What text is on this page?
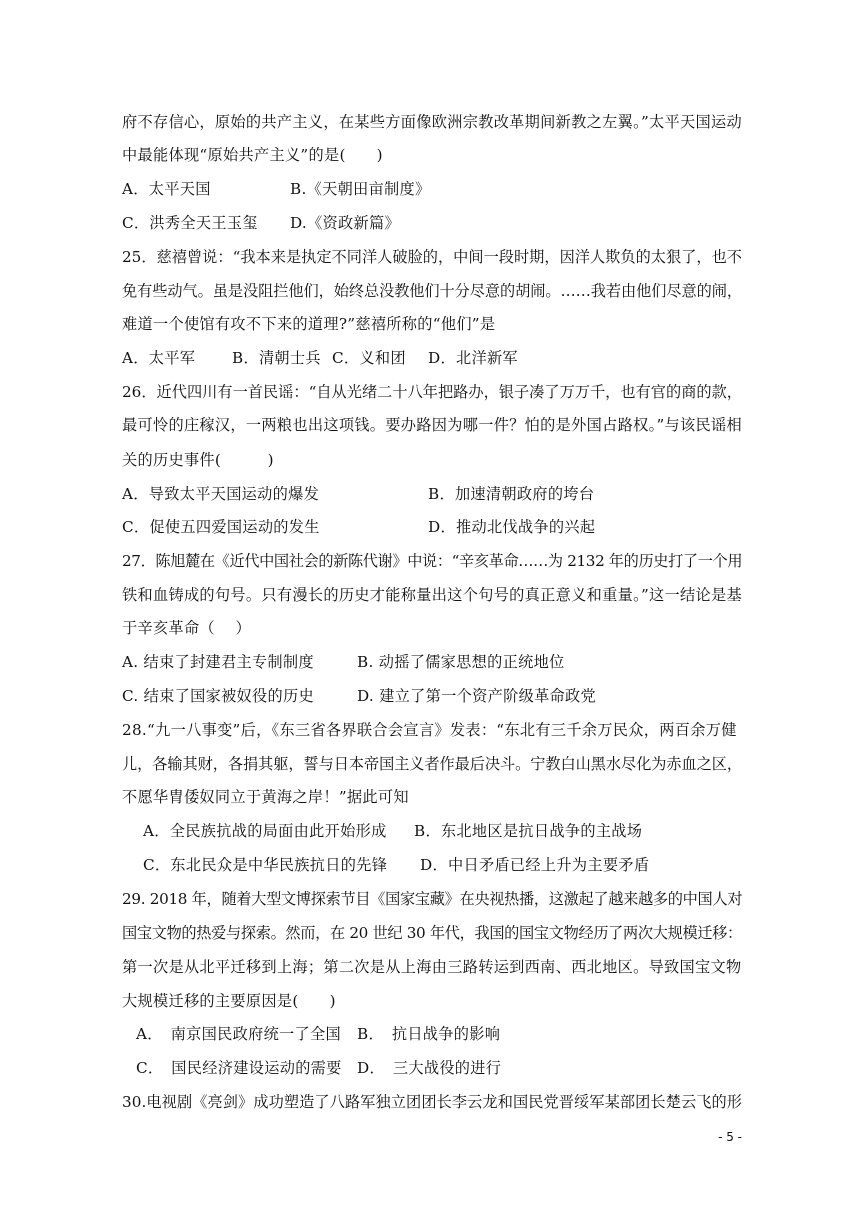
府不存信心，原始的共产主义，在某些方面像欧洲宗教改革期间新教之左翼。”太平天国运动
中最能体现“原始共产主义”的是(　　)
A．太平天国	B.《天朝田亩制度》
C．洪秀全天王玉玺 D.《资政新篇》
25．慈禧曾说：“我本来是执定不同洋人破脸的，中间一段时期，因洋人欺负的太狠了，也不
免有些动气。虽是没阻拦他们，始终总没教他们十分尽意的胡闹。……我若由他们尽意的闹，
难道一个使馆有攻不下来的道理?”慈禧所称的“他们”是
A．太平军 B．清朝士兵 C．义和团 D．北洋新军
26．近代四川有一首民谣：“自从光绪二十八年把路办，银子凑了万万千，也有官的商的款，
最可怜的庄稼汉，一两粮也出这项钱。要办路因为哪一件？怕的是外国占路权。”与该民谣相
关的历史事件(　　　)
A．导致太平天国运动的爆发	B．加速清朝政府的垮台
C．促使五四爱国运动的发生	D．推动北伐战争的兴起
27．陈旭麓在《近代中国社会的新陈代谢》中说：“辛亥革命……为 2132 年的历史打了一个用
铁和血铸成的句号。只有漫长的历史才能称量出这个句号的真正意义和重量。”这一结论是基
于辛亥革命（　 ）
A. 结束了封建君主专制制度	B. 动摇了儒家思想的正统地位
C. 结束了国家被奴役的历史	D. 建立了第一个资产阶级革命政党
28.“九一八事变”后，《东三省各界联合会宣言》发表：“东北有三千余万民众，两百余万健
儿，各输其财，各捐其躯，誓与日本帝国主义者作最后决斗。宁教白山黑水尽化为赤血之区，
不愿华胄倭奴同立于黄海之岸！”据此可知
A．全民族抗战的局面由此开始形成 B．东北地区是抗日战争的主战场
C．东北民众是中华民族抗日的先锋 D．中日矛盾已经上升为主要矛盾
29. 2018 年，随着大型文博探索节目《国家宝藏》在央视热播，这激起了越来越多的中国人对
国宝文物的热爱与探索。然而，在 20 世纪 30 年代，我国的国宝文物经历了两次大规模迁移：
第一次是从北平迁移到上海；第二次是从上海由三路转运到西南、西北地区。导致国宝文物
大规模迁移的主要原因是(　　)
A．　南京国民政府统一了全国 B．　抗日战争的影响
C．　国民经济建设运动的需要 D．　三大战役的进行
30.电视剧《亮剑》成功塑造了八路军独立团团长李云龙和国民党晋绥军某部团长楚云飞的形
- 5 -
